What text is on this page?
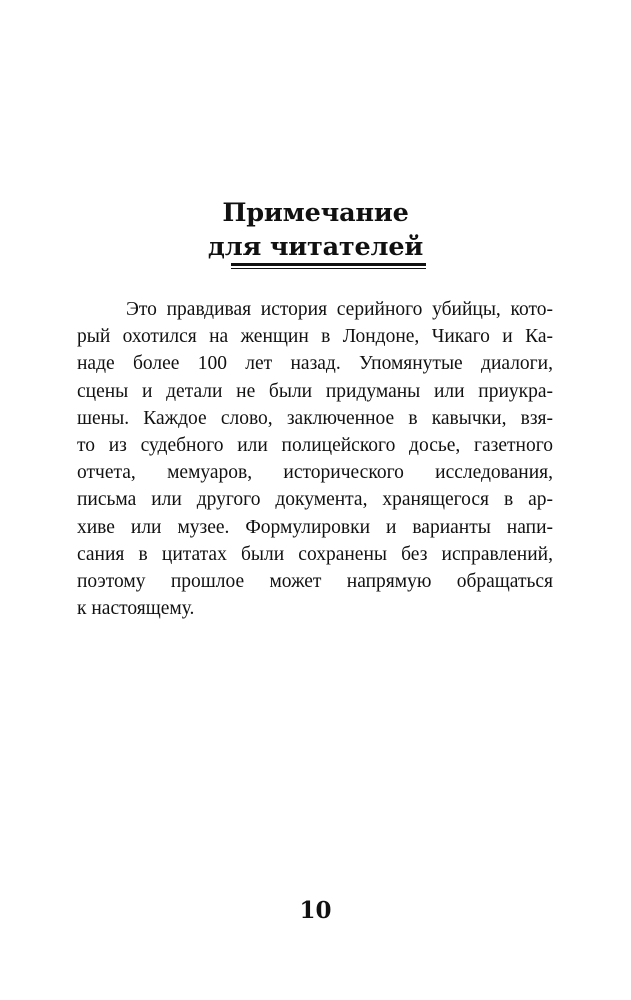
Примечание
для читателей
Это правдивая история серийного убийцы, кото-
рый охотился на женщин в Лондоне, Чикаго и Ка-
наде более 100 лет назад. Упомянутые диалоги,
сцены и детали не были придуманы или приукра-
шены. Каждое слово, заключенное в кавычки, взя-
то из судебного или полицейского досье, газетного
отчета, мемуаров, исторического исследования,
письма или другого документа, хранящегося в ар-
хиве или музее. Формулировки и варианты напи-
сания в цитатах были сохранены без исправлений,
поэтому прошлое может напрямую обращаться
к настоящему.
10
